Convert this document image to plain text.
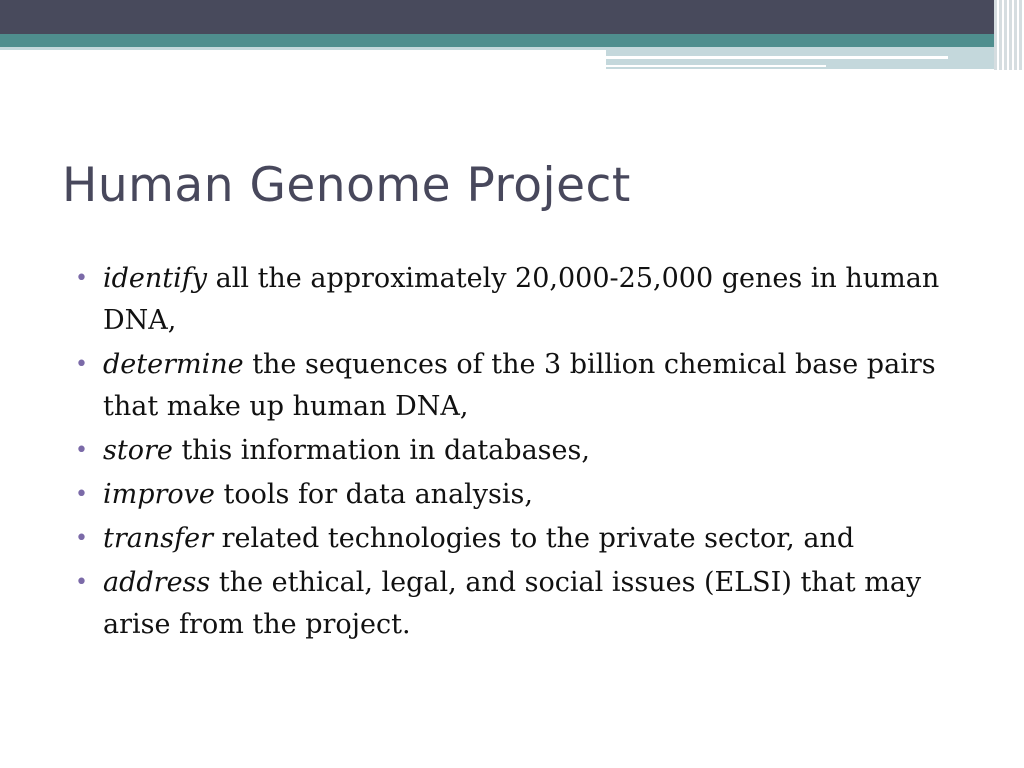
Human Genome Project
• identify all the approximately 20,000-25,000 genes in human DNA,
• determine the sequences of the 3 billion chemical base pairs that make up human DNA,
• store this information in databases,
• improve tools for data analysis,
• transfer related technologies to the private sector, and
• address the ethical, legal, and social issues (ELSI) that may arise from the project.
